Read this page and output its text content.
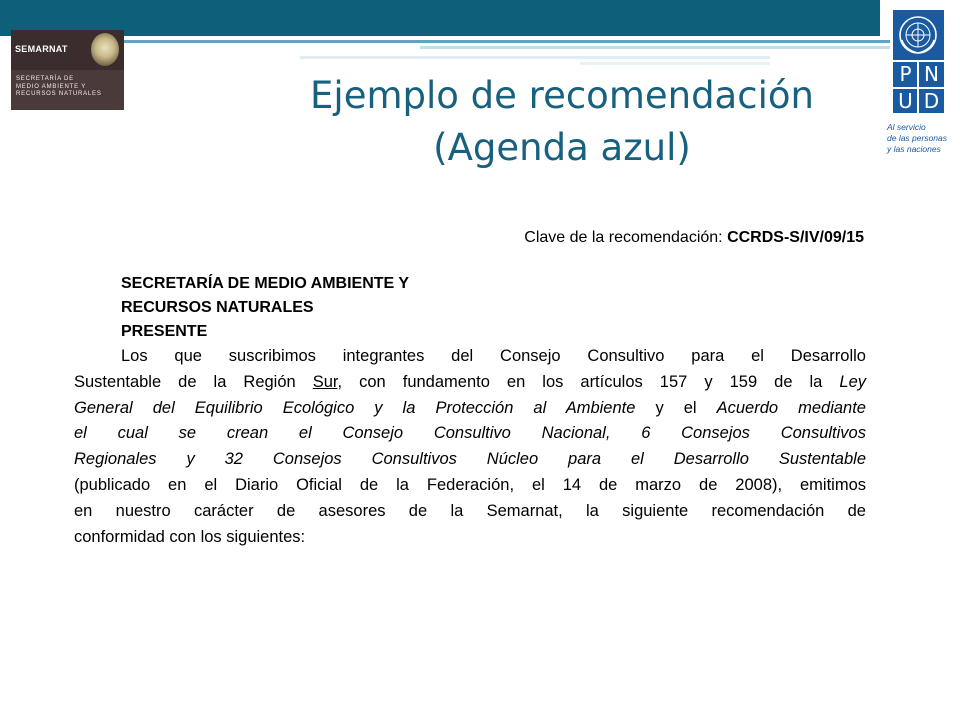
SEMARNAT
SECRETARÍA DE
MEDIO AMBIENTE Y
RECURSOS NATURALES	Ejemplo de recomendación
(Agenda azul)
P N
U D
Al servicio
de las personas
y las naciones
Clave de la recomendación: CCRDS-S/IV/09/15
SECRETARÍA DE MEDIO AMBIENTE Y
RECURSOS NATURALES
PRESENTE
Los que suscribimos integrantes del Consejo Consultivo para el Desarrollo
Sustentable de la Región Sur, con fundamento en los artículos 157 y 159 de la Ley
General del Equilibrio Ecológico y la Protección al Ambiente y el Acuerdo mediante
el cual se crean el Consejo Consultivo Nacional, 6 Consejos Consultivos
Regionales y 32 Consejos Consultivos Núcleo para el Desarrollo Sustentable
(publicado en el Diario Oficial de la Federación, el 14 de marzo de 2008), emitimos
en nuestro carácter de asesores de la Semarnat, la siguiente recomendación de
conformidad con los siguientes:
